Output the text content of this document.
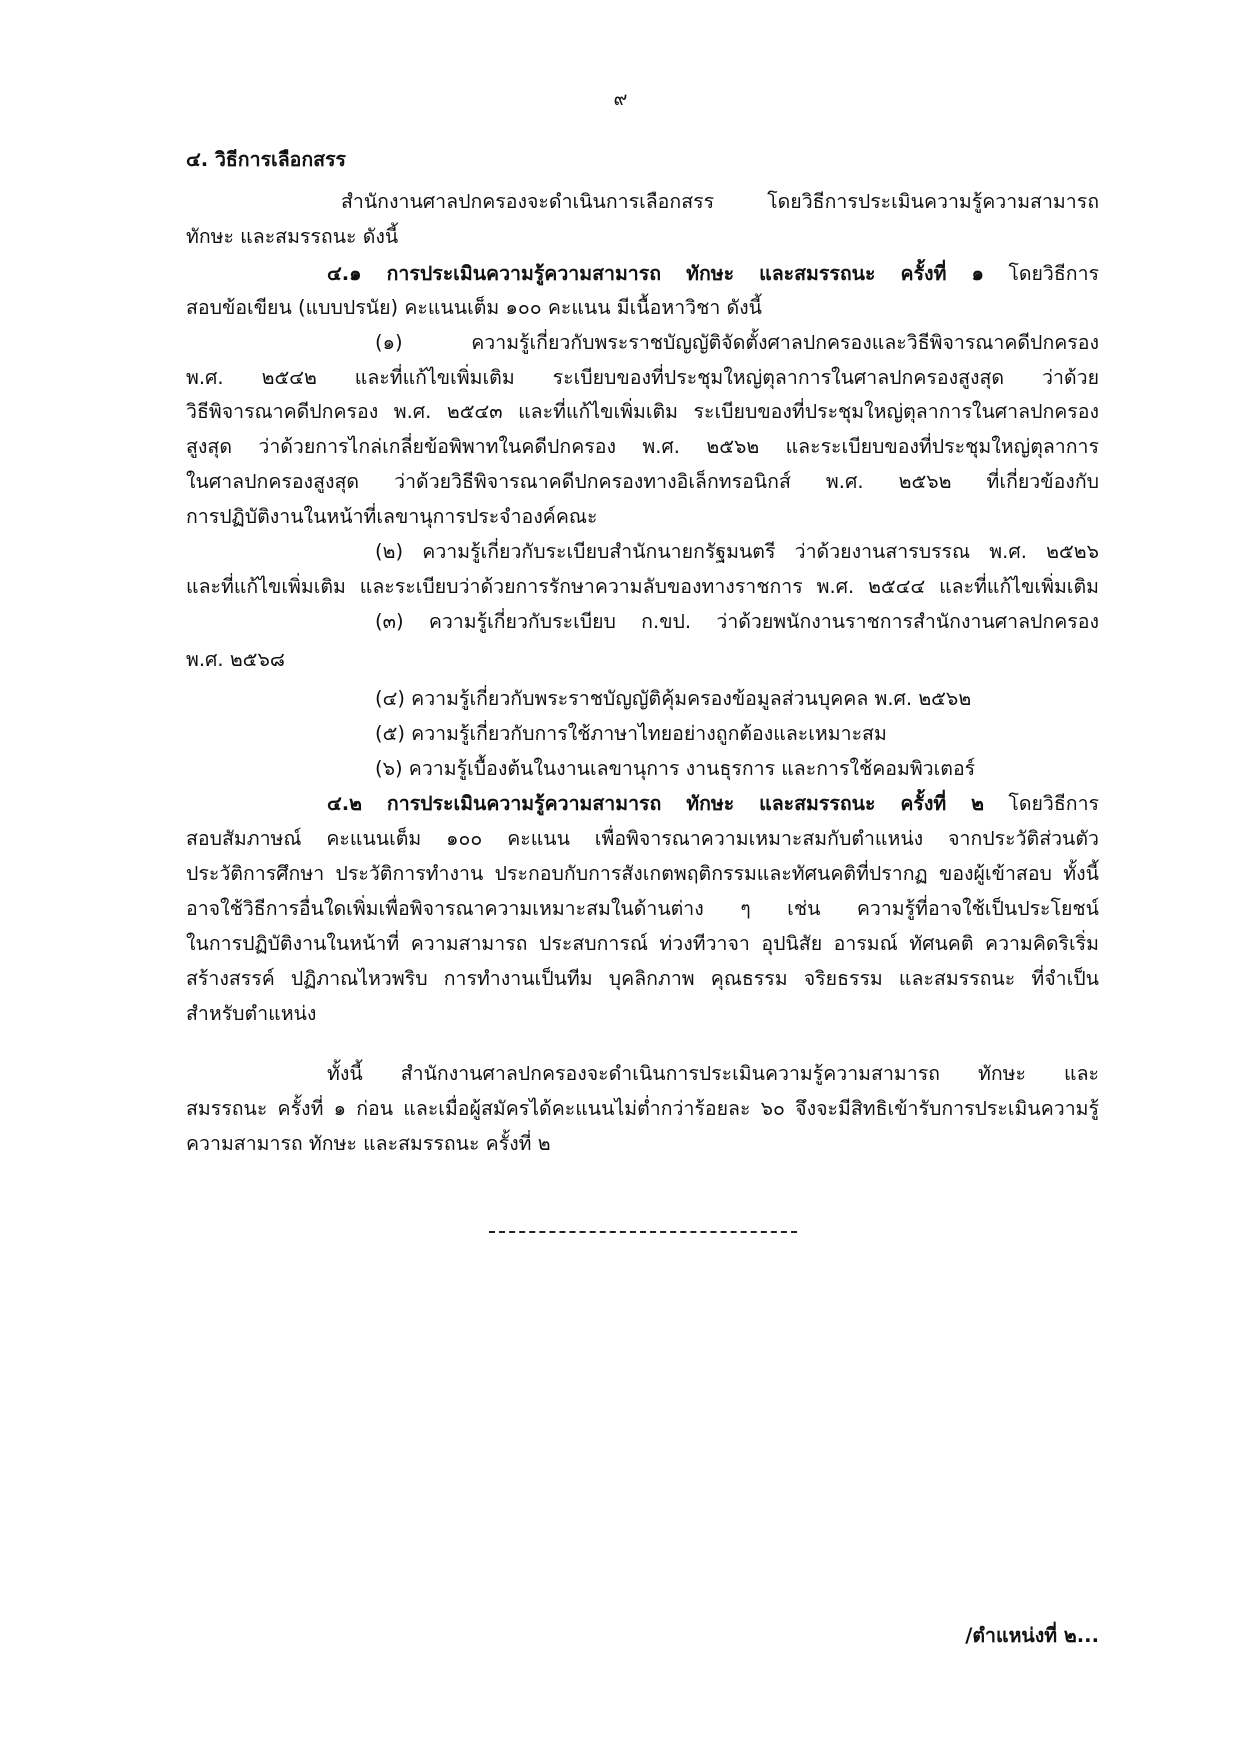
๙
๔. วิธีการเลือกสรร
สำนักงานศาลปกครองจะดำเนินการเลือกสรร โดยวิธีการประเมินความรู้ความสามารถ
ทักษะ และสมรรถนะ ดังนี้
๔.๑ การประเมินความรู้ความสามารถ ทักษะ และสมรรถนะ ครั้งที่ ๑ โดยวิธีการ
สอบข้อเขียน (แบบปรนัย) คะแนนเต็ม ๑๐๐ คะแนน มีเนื้อหาวิชา ดังนี้
(๑) ความรู้เกี่ยวกับพระราชบัญญัติจัดตั้งศาลปกครองและวิธีพิจารณาคดีปกครอง
พ.ศ. ๒๕๔๒ และที่แก้ไขเพิ่มเติม ระเบียบของที่ประชุมใหญ่ตุลาการในศาลปกครองสูงสุด ว่าด้วย
วิธีพิจารณาคดีปกครอง พ.ศ. ๒๕๔๓ และที่แก้ไขเพิ่มเติม ระเบียบของที่ประชุมใหญ่ตุลาการในศาลปกครอง
สูงสุด ว่าด้วยการไกล่เกลี่ยข้อพิพาทในคดีปกครอง พ.ศ. ๒๕๖๒ และระเบียบของที่ประชุมใหญ่ตุลาการ
ในศาลปกครองสูงสุด ว่าด้วยวิธีพิจารณาคดีปกครองทางอิเล็กทรอนิกส์ พ.ศ. ๒๕๖๒ ที่เกี่ยวข้องกับ
การปฏิบัติงานในหน้าที่เลขานุการประจำองค์คณะ
(๒) ความรู้เกี่ยวกับระเบียบสำนักนายกรัฐมนตรี ว่าด้วยงานสารบรรณ พ.ศ. ๒๕๒๖
และที่แก้ไขเพิ่มเติม และระเบียบว่าด้วยการรักษาความลับของทางราชการ พ.ศ. ๒๕๔๔ และที่แก้ไขเพิ่มเติม
(๓) ความรู้เกี่ยวกับระเบียบ ก.ขป. ว่าด้วยพนักงานราชการสำนักงานศาลปกครอง
พ.ศ. ๒๕๖๘
(๔) ความรู้เกี่ยวกับพระราชบัญญัติคุ้มครองข้อมูลส่วนบุคคล พ.ศ. ๒๕๖๒
(๕) ความรู้เกี่ยวกับการใช้ภาษาไทยอย่างถูกต้องและเหมาะสม
(๖) ความรู้เบื้องต้นในงานเลขานุการ งานธุรการ และการใช้คอมพิวเตอร์
๔.๒ การประเมินความรู้ความสามารถ ทักษะ และสมรรถนะ ครั้งที่ ๒ โดยวิธีการ
สอบสัมภาษณ์ คะแนนเต็ม ๑๐๐ คะแนน เพื่อพิจารณาความเหมาะสมกับตำแหน่ง จากประวัติส่วนตัว
ประวัติการศึกษา ประวัติการทำงาน ประกอบกับการสังเกตพฤติกรรมและทัศนคติที่ปรากฏ ของผู้เข้าสอบ ทั้งนี้
อาจใช้วิธีการอื่นใดเพิ่มเพื่อพิจารณาความเหมาะสมในด้านต่าง ๆ เช่น ความรู้ที่อาจใช้เป็นประโยชน์
ในการปฏิบัติงานในหน้าที่ ความสามารถ ประสบการณ์ ท่วงทีวาจา อุปนิสัย อารมณ์ ทัศนคติ ความคิดริเริ่ม
สร้างสรรค์ ปฏิภาณไหวพริบ การทำงานเป็นทีม บุคลิกภาพ คุณธรรม จริยธรรม และสมรรถนะ ที่จำเป็น
สำหรับตำแหน่ง
ทั้งนี้ สำนักงานศาลปกครองจะดำเนินการประเมินความรู้ความสามารถ ทักษะ และ
สมรรถนะ ครั้งที่ ๑ ก่อน และเมื่อผู้สมัครได้คะแนนไม่ต่ำกว่าร้อยละ ๖๐ จึงจะมีสิทธิเข้ารับการประเมินความรู้
ความสามารถ ทักษะ และสมรรถนะ ครั้งที่ ๒
/ตำแหน่งที่ ๒...
